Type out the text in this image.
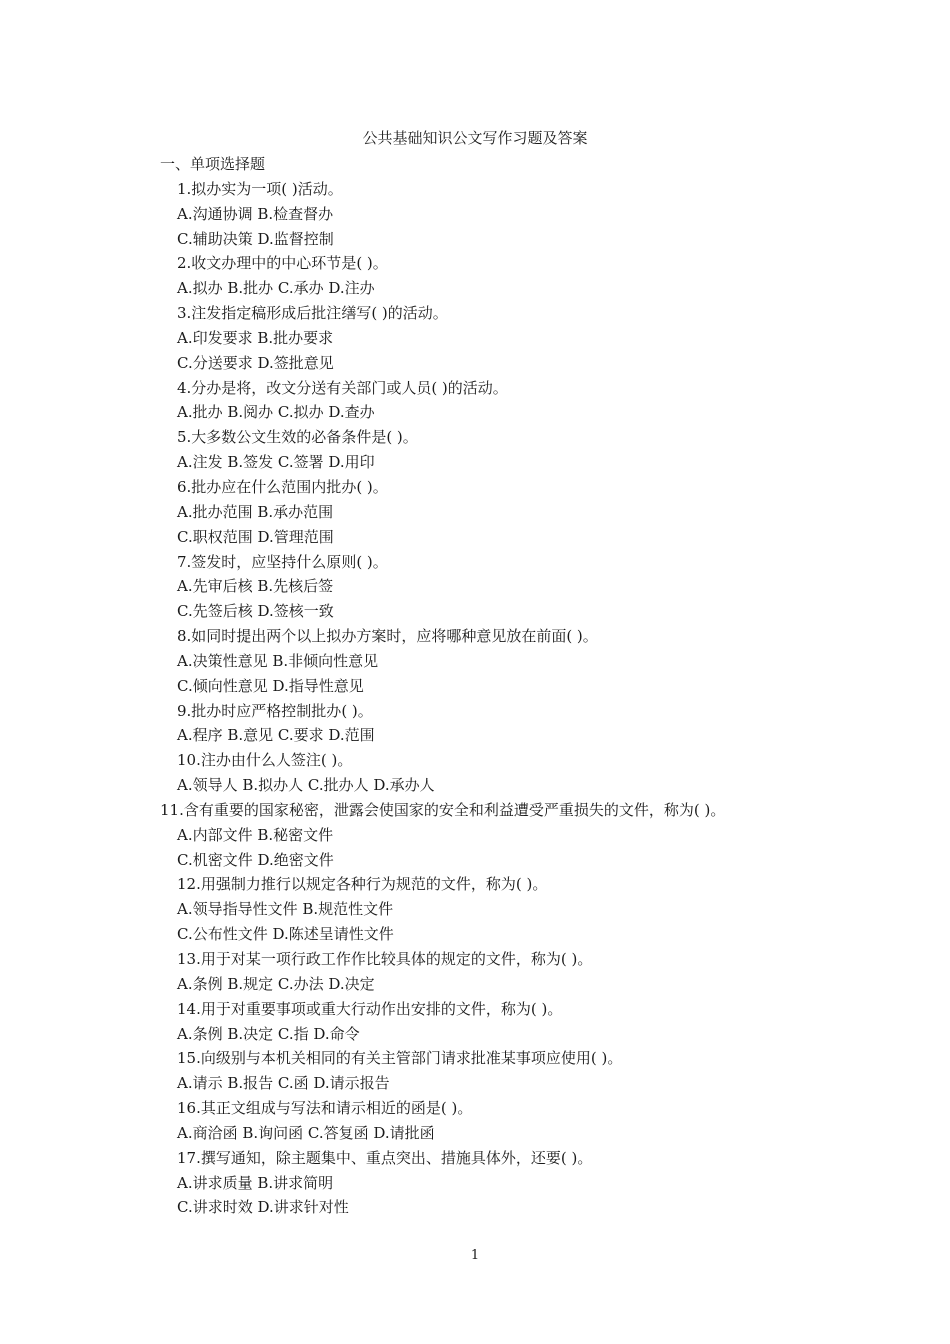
公共基础知识公文写作习题及答案
一、单项选择题
1.拟办实为一项( )活动。
A.沟通协调 B.检查督办
C.辅助决策 D.监督控制
2.收文办理中的中心环节是( )。
A.拟办 B.批办 C.承办 D.注办
3.注发指定稿形成后批注缮写( )的活动。
A.印发要求 B.批办要求
C.分送要求 D.签批意见
4.分办是将，改文分送有关部门或人员( )的活动。
A.批办 B.阅办 C.拟办 D.查办
5.大多数公文生效的必备条件是( )。
A.注发 B.签发 C.签署 D.用印
6.批办应在什么范围内批办( )。
A.批办范围 B.承办范围
C.职权范围 D.管理范围
7.签发时，应坚持什么原则( )。
A.先审后核 B.先核后签
C.先签后核 D.签核一致
8.如同时提出两个以上拟办方案时，应将哪种意见放在前面( )。
A.决策性意见 B.非倾向性意见
C.倾向性意见 D.指导性意见
9.批办时应严格控制批办( )。
A.程序 B.意见 C.要求 D.范围
10.注办由什么人签注( )。
A.领导人 B.拟办人 C.批办人 D.承办人
11.含有重要的国家秘密，泄露会使国家的安全和利益遭受严重损失的文件，称为( )。
A.内部文件 B.秘密文件
C.机密文件 D.绝密文件
12.用强制力推行以规定各种行为规范的文件，称为( )。
A.领导指导性文件 B.规范性文件
C.公布性文件 D.陈述呈请性文件
13.用于对某一项行政工作作比较具体的规定的文件，称为( )。
A.条例 B.规定 C.办法 D.决定
14.用于对重要事项或重大行动作出安排的文件，称为( )。
A.条例 B.决定 C.指 D.命令
15.向级别与本机关相同的有关主管部门请求批准某事项应使用( )。
A.请示 B.报告 C.函 D.请示报告
16.其正文组成与写法和请示相近的函是( )。
A.商洽函 B.询问函 C.答复函 D.请批函
17.撰写通知，除主题集中、重点突出、措施具体外，还要( )。
A.讲求质量 B.讲求简明
C.讲求时效 D.讲求针对性
1
